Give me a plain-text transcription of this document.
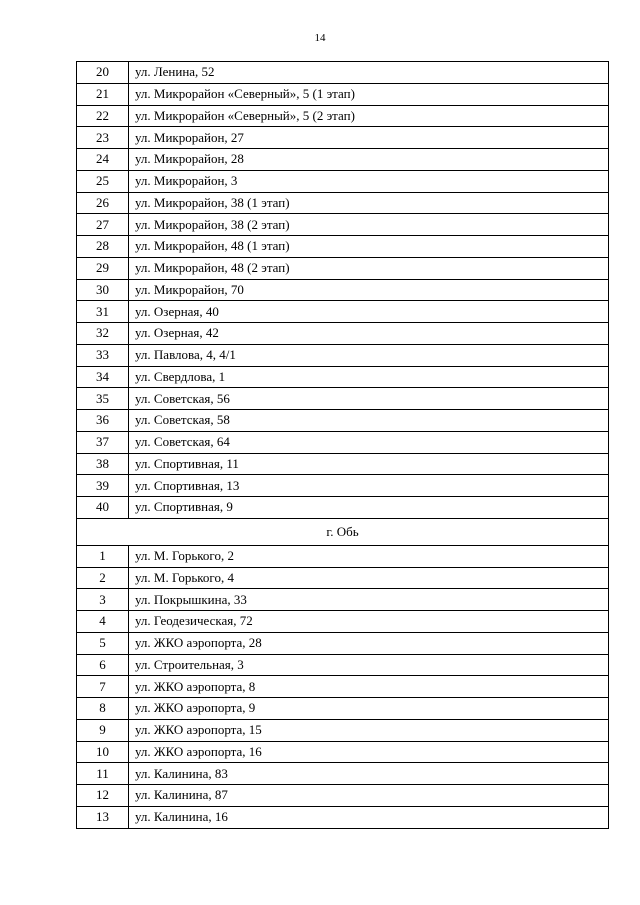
14
20	ул. Ленина, 52
21	ул. Микрорайон «Северный», 5 (1 этап)
22	ул. Микрорайон «Северный», 5 (2 этап)
23	ул. Микрорайон, 27
24	ул. Микрорайон, 28
25	ул. Микрорайон, 3
26	ул. Микрорайон, 38 (1 этап)
27	ул. Микрорайон, 38 (2 этап)
28	ул. Микрорайон, 48 (1 этап)
29	ул. Микрорайон, 48 (2 этап)
30	ул. Микрорайон, 70
31	ул. Озерная, 40
32	ул. Озерная, 42
33	ул. Павлова, 4, 4/1
34	ул. Свердлова, 1
35	ул. Советская, 56
36	ул. Советская, 58
37	ул. Советская, 64
38	ул. Спортивная, 11
39	ул. Спортивная, 13
40	ул. Спортивная, 9
г. Обь	
1	ул. М. Горького, 2
2	ул. М. Горького, 4
3	ул. Покрышкина, 33
4	ул. Геодезическая, 72
5	ул. ЖКО аэропорта, 28
6	ул. Строительная, 3
7	ул. ЖКО аэропорта, 8
8	ул. ЖКО аэропорта, 9
9	ул. ЖКО аэропорта, 15
10	ул. ЖКО аэропорта, 16
11	ул. Калинина, 83
12	ул. Калинина, 87
13	ул. Калинина, 16
